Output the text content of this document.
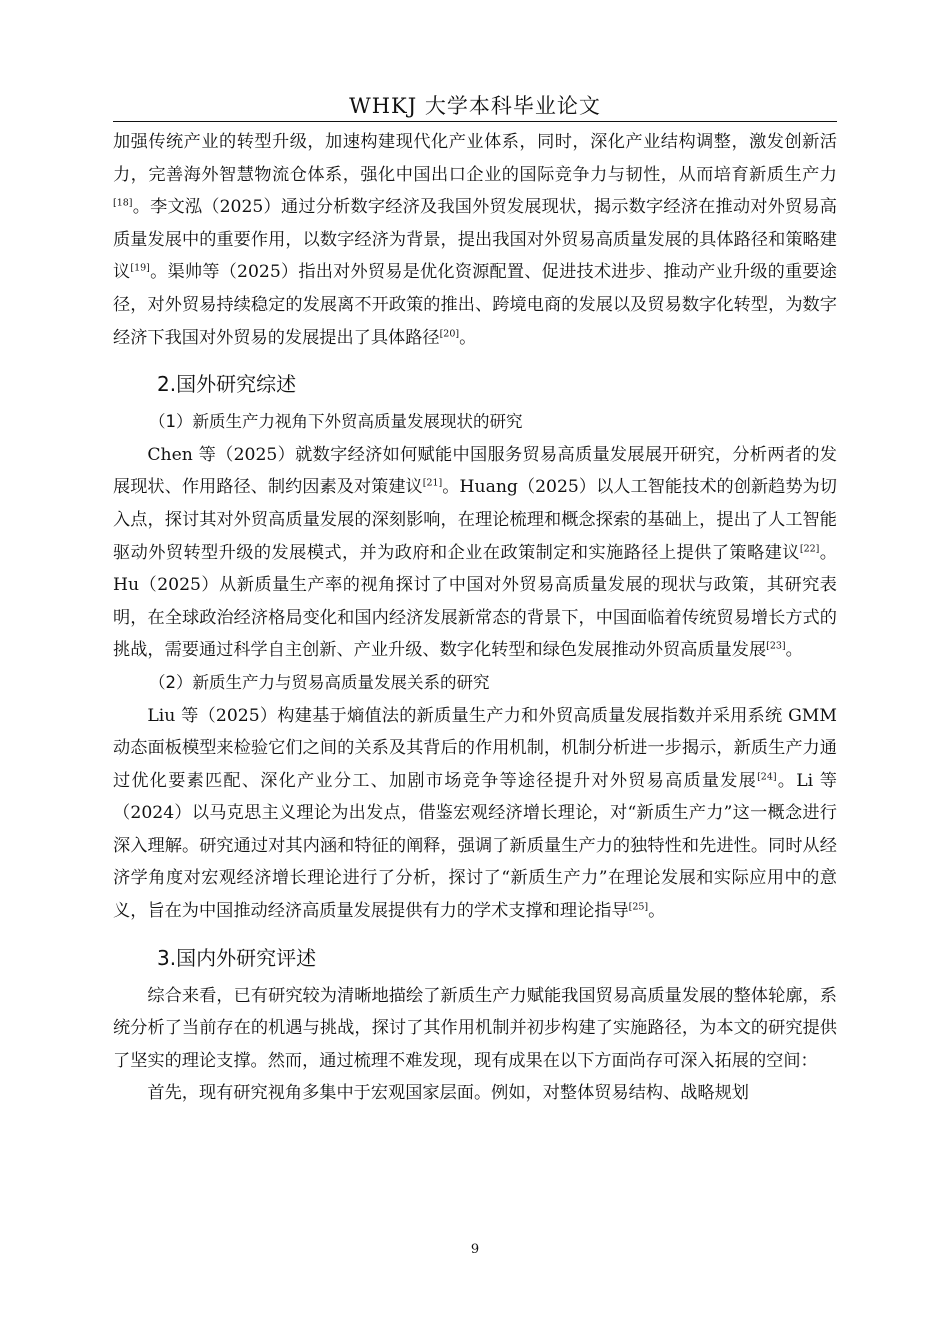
WHKJ 大学本科毕业论文

加强传统产业的转型升级，加速构建现代化产业体系，同时，深化产业结构调整，激发创新活力，完善海外智慧物流仓体系，强化中国出口企业的国际竞争力与韧性，从而培育新质生产力[18]。李文泓（2025）通过分析数字经济及我国外贸发展现状，揭示数字经济在推动对外贸易高质量发展中的重要作用，以数字经济为背景，提出我国对外贸易高质量发展的具体路径和策略建议[19]。渠帅等（2025）指出对外贸易是优化资源配置、促进技术进步、推动产业升级的重要途径，对外贸易持续稳定的发展离不开政策的推出、跨境电商的发展以及贸易数字化转型，为数字经济下我国对外贸易的发展提出了具体路径[20]。

2.国外研究综述
（1）新质生产力视角下外贸高质量发展现状的研究

Chen 等（2025）就数字经济如何赋能中国服务贸易高质量发展展开研究，分析两者的发展现状、作用路径、制约因素及对策建议[21]。Huang（2025）以人工智能技术的创新趋势为切入点，探讨其对外贸高质量发展的深刻影响，在理论梳理和概念探索的基础上，提出了人工智能驱动外贸转型升级的发展模式，并为政府和企业在政策制定和实施路径上提供了策略建议[22]。 Hu（2025）从新质量生产率的视角探讨了中国对外贸易高质量发展的现状与政策，其研究表明，在全球政治经济格局变化和国内经济发展新常态的背景下，中国面临着传统贸易增长方式的挑战，需要通过科学自主创新、产业升级、数字化转型和绿色发展推动外贸高质量发展[23]。

（2）新质生产力与贸易高质量发展关系的研究

Liu 等（2025）构建基于熵值法的新质量生产力和外贸高质量发展指数并采用系统 GMM 动态面板模型来检验它们之间的关系及其背后的作用机制，机制分析进一步揭示，新质生产力通过优化要素匹配、深化产业分工、加剧市场竞争等途径提升对外贸易高质量发展[24]。Li 等（2024）以马克思主义理论为出发点，借鉴宏观经济增长理论，对“新质生产力”这一概念进行深入理解。研究通过对其内涵和特征的阐释，强调了新质量生产力的独特性和先进性。同时从经济学角度对宏观经济增长理论进行了分析，探讨了“新质生产力”在理论发展和实际应用中的意义，旨在为中国推动经济高质量发展提供有力的学术支撑和理论指导[25]。

3.国内外研究评述

综合来看，已有研究较为清晰地描绘了新质生产力赋能我国贸易高质量发展的整体轮廓，系统分析了当前存在的机遇与挑战，探讨了其作用机制并初步构建了实施路径，为本文的研究提供了坚实的理论支撑。然而，通过梳理不难发现，现有成果在以下方面尚存可深入拓展的空间：

首先，现有研究视角多集中于宏观国家层面。例如，对整体贸易结构、战略规划

9
